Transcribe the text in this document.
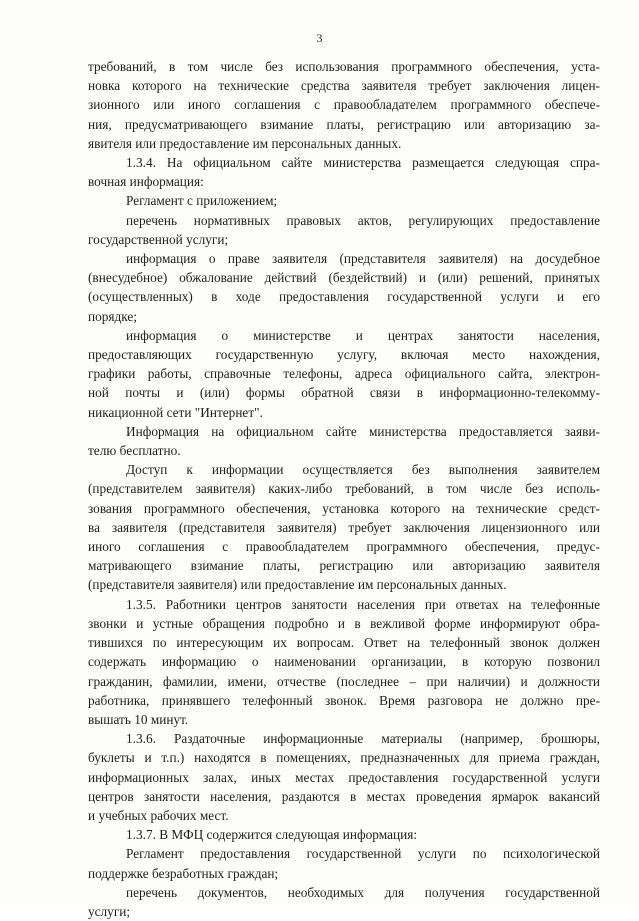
3

требований, в том числе без использования программного обеспечения, уста-
новка которого на технические средства заявителя требует заключения лицен-
зионного или иного соглашения с правообладателем программного обеспече-
ния, предусматривающего взимание платы, регистрацию или авторизацию за-
явителя или предоставление им персональных данных.

1.3.4. На официальном сайте министерства размещается следующая спра-
вочная информация:

Регламент с приложением;

перечень нормативных правовых актов, регулирующих предоставление
государственной услуги;

информация о праве заявителя (представителя заявителя) на досудебное
(внесудебное) обжалование действий (бездействий) и (или) решений, принятых
(осуществленных) в ходе предоставления государственной услуги и его
порядке;

информация о министерстве и центрах занятости населения,
предоставляющих государственную услугу, включая место нахождения,
графики работы, справочные телефоны, адреса официального сайта, электрон-
ной почты и (или) формы обратной связи в информационно-телекомму-
никационной сети "Интернет".

Информация на официальном сайте министерства предоставляется заяви-
телю бесплатно.

Доступ к информации осуществляется без выполнения заявителем
(представителем заявителя) каких-либо требований, в том числе без исполь-
зования программного обеспечения, установка которого на технические средст-
ва заявителя (представителя заявителя) требует заключения лицензионного или
иного соглашения с правообладателем программного обеспечения, предус-
матривающего взимание платы, регистрацию или авторизацию заявителя
(представителя заявителя) или предоставление им персональных данных.

1.3.5. Работники центров занятости населения при ответах на телефонные
звонки и устные обращения подробно и в вежливой форме информируют обра-
тившихся по интересующим их вопросам. Ответ на телефонный звонок должен
содержать информацию о наименовании организации, в которую позвонил
гражданин, фамилии, имени, отчестве (последнее – при наличии) и должности
работника, принявшего телефонный звонок. Время разговора не должно пре-
вышать 10 минут.

1.3.6. Раздаточные информационные материалы (например, брошюры,
буклеты и т.п.) находятся в помещениях, предназначенных для приема граждан,
информационных залах, иных местах предоставления государственной услуги
центров занятости населения, раздаются в местах проведения ярмарок вакансий
и учебных рабочих мест.

1.3.7. В МФЦ содержится следующая информация:

Регламент предоставления государственной услуги по психологической
поддержке безработных граждан;

перечень документов, необходимых для получения государственной
услуги;
